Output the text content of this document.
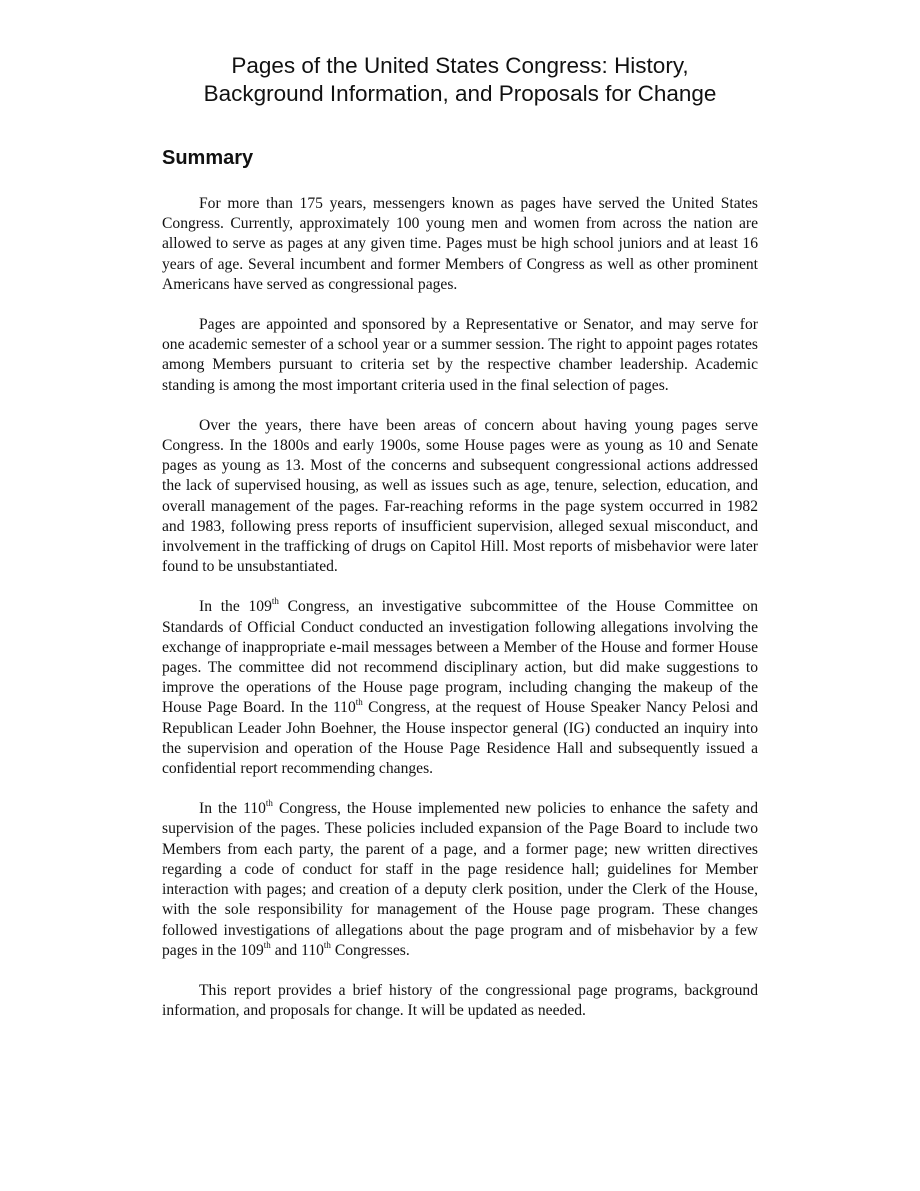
Pages of the United States Congress: History,
Background Information, and Proposals for Change
Summary

For more than 175 years, messengers known as pages have served the United States Congress. Currently, approximately 100 young men and women from across the nation are allowed to serve as pages at any given time. Pages must be high school juniors and at least 16 years of age. Several incumbent and former Members of Congress as well as other prominent Americans have served as congressional pages.

Pages are appointed and sponsored by a Representative or Senator, and may serve for one academic semester of a school year or a summer session. The right to appoint pages rotates among Members pursuant to criteria set by the respective chamber leadership. Academic standing is among the most important criteria used in the final selection of pages.

Over the years, there have been areas of concern about having young pages serve Congress. In the 1800s and early 1900s, some House pages were as young as 10 and Senate pages as young as 13. Most of the concerns and subsequent congressional actions addressed the lack of supervised housing, as well as issues such as age, tenure, selection, education, and overall management of the pages. Far-reaching reforms in the page system occurred in 1982 and 1983, following press reports of insufficient supervision, alleged sexual misconduct, and involvement in the trafficking of drugs on Capitol Hill. Most reports of misbehavior were later found to be unsubstantiated.

In the 109th Congress, an investigative subcommittee of the House Committee on Standards of Official Conduct conducted an investigation following allegations involving the exchange of inappropriate e-mail messages between a Member of the House and former House pages. The committee did not recommend disciplinary action, but did make suggestions to improve the operations of the House page program, including changing the makeup of the House Page Board. In the 110th Congress, at the request of House Speaker Nancy Pelosi and Republican Leader John Boehner, the House inspector general (IG) conducted an inquiry into the supervision and operation of the House Page Residence Hall and subsequently issued a confidential report recommending changes.

In the 110th Congress, the House implemented new policies to enhance the safety and supervision of the pages. These policies included expansion of the Page Board to include two Members from each party, the parent of a page, and a former page; new written directives regarding a code of conduct for staff in the page residence hall; guidelines for Member interaction with pages; and creation of a deputy clerk position, under the Clerk of the House, with the sole responsibility for management of the House page program. These changes followed investigations of allegations about the page program and of misbehavior by a few pages in the 109th and 110th Congresses.

This report provides a brief history of the congressional page programs, background information, and proposals for change. It will be updated as needed.
